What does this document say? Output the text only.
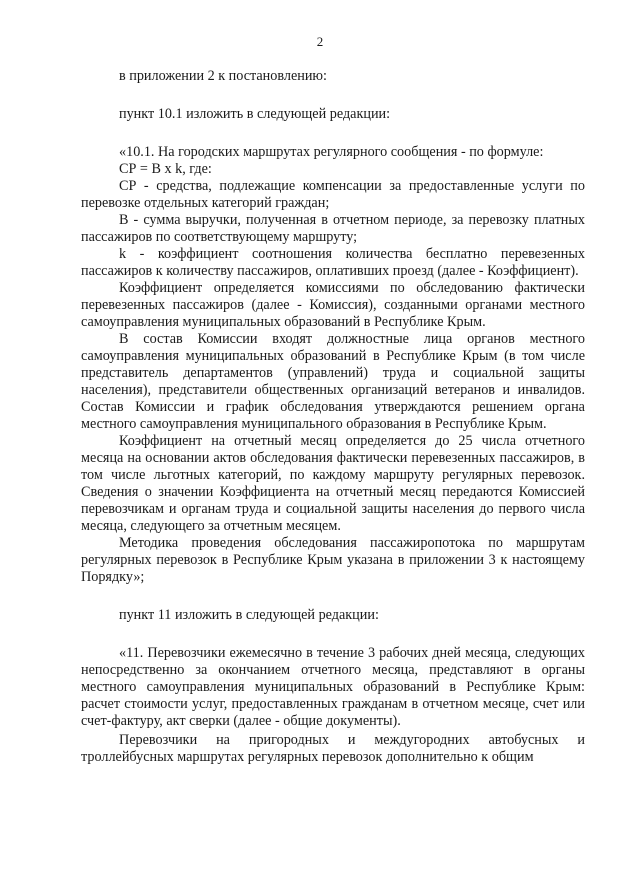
2

в приложении 2 к постановлению:

пункт 10.1 изложить в следующей редакции:

«10.1. На городских маршрутах регулярного сообщения - по формуле:

СР = В x k, где:

СР - средства, подлежащие компенсации за предоставленные услуги по перевозке отдельных категорий граждан;

В - сумма выручки, полученная в отчетном периоде, за перевозку платных пассажиров по соответствующему маршруту;

k - коэффициент соотношения количества бесплатно перевезенных пассажиров к количеству пассажиров, оплативших проезд (далее - Коэффициент).

Коэффициент определяется комиссиями по обследованию фактически перевезенных пассажиров (далее - Комиссия), созданными органами местного самоуправления муниципальных образований в Республике Крым.

В состав Комиссии входят должностные лица органов местного самоуправления муниципальных образований в Республике Крым (в том числе представитель департаментов (управлений) труда и социальной защиты населения), представители общественных организаций ветеранов и инвалидов. Состав Комиссии и график обследования утверждаются решением органа местного самоуправления муниципального образования в Республике Крым.

Коэффициент на отчетный месяц определяется до 25 числа отчетного месяца на основании актов обследования фактически перевезенных пассажиров, в том числе льготных категорий, по каждому маршруту регулярных перевозок. Сведения о значении Коэффициента на отчетный месяц передаются Комиссией перевозчикам и органам труда и социальной защиты населения до первого числа месяца, следующего за отчетным месяцем.

Методика проведения обследования пассажиропотока по маршрутам регулярных перевозок в Республике Крым указана в приложении 3 к настоящему Порядку»;

пункт 11 изложить в следующей редакции:

«11. Перевозчики ежемесячно в течение 3 рабочих дней месяца, следующих непосредственно за окончанием отчетного месяца, представляют в органы местного самоуправления муниципальных образований в Республике Крым: расчет стоимости услуг, предоставленных гражданам в отчетном месяце, счет или счет-фактуру, акт сверки (далее - общие документы).

Перевозчики на пригородных и междугородних автобусных и троллейбусных маршрутах регулярных перевозок дополнительно к общим
